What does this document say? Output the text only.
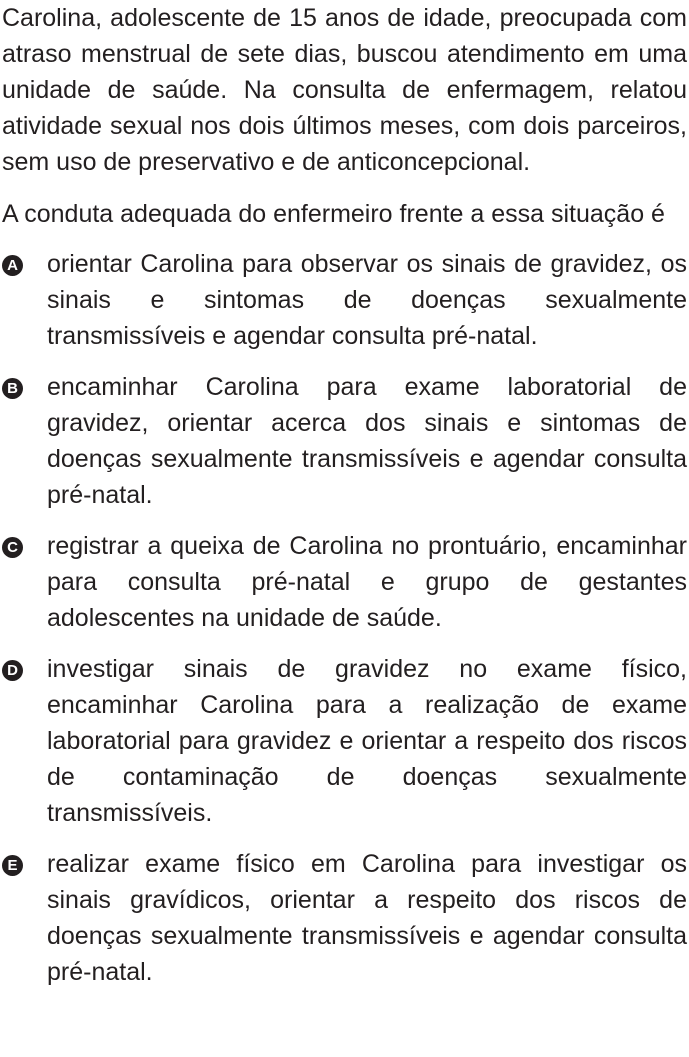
Carolina, adolescente de 15 anos de idade, preocupada com atraso menstrual de sete dias, buscou atendimento em uma unidade de saúde. Na consulta de enfermagem, relatou atividade sexual nos dois últimos meses, com dois parceiros, sem uso de preservativo e de anticoncepcional.

A conduta adequada do enfermeiro frente a essa situação é

A orientar Carolina para observar os sinais de gravidez, os sinais e sintomas de doenças sexualmente transmissíveis e agendar consulta pré-natal.
B encaminhar Carolina para exame laboratorial de gravidez, orientar acerca dos sinais e sintomas de doenças sexualmente transmissíveis e agendar consulta pré-natal.
C registrar a queixa de Carolina no prontuário, encaminhar para consulta pré-natal e grupo de gestantes adolescentes na unidade de saúde.
D investigar sinais de gravidez no exame físico, encaminhar Carolina para a realização de exame laboratorial para gravidez e orientar a respeito dos riscos de contaminação de doenças sexualmente transmissíveis.
E realizar exame físico em Carolina para investigar os sinais gravídicos, orientar a respeito dos riscos de doenças sexualmente transmissíveis e agendar consulta pré-natal.
